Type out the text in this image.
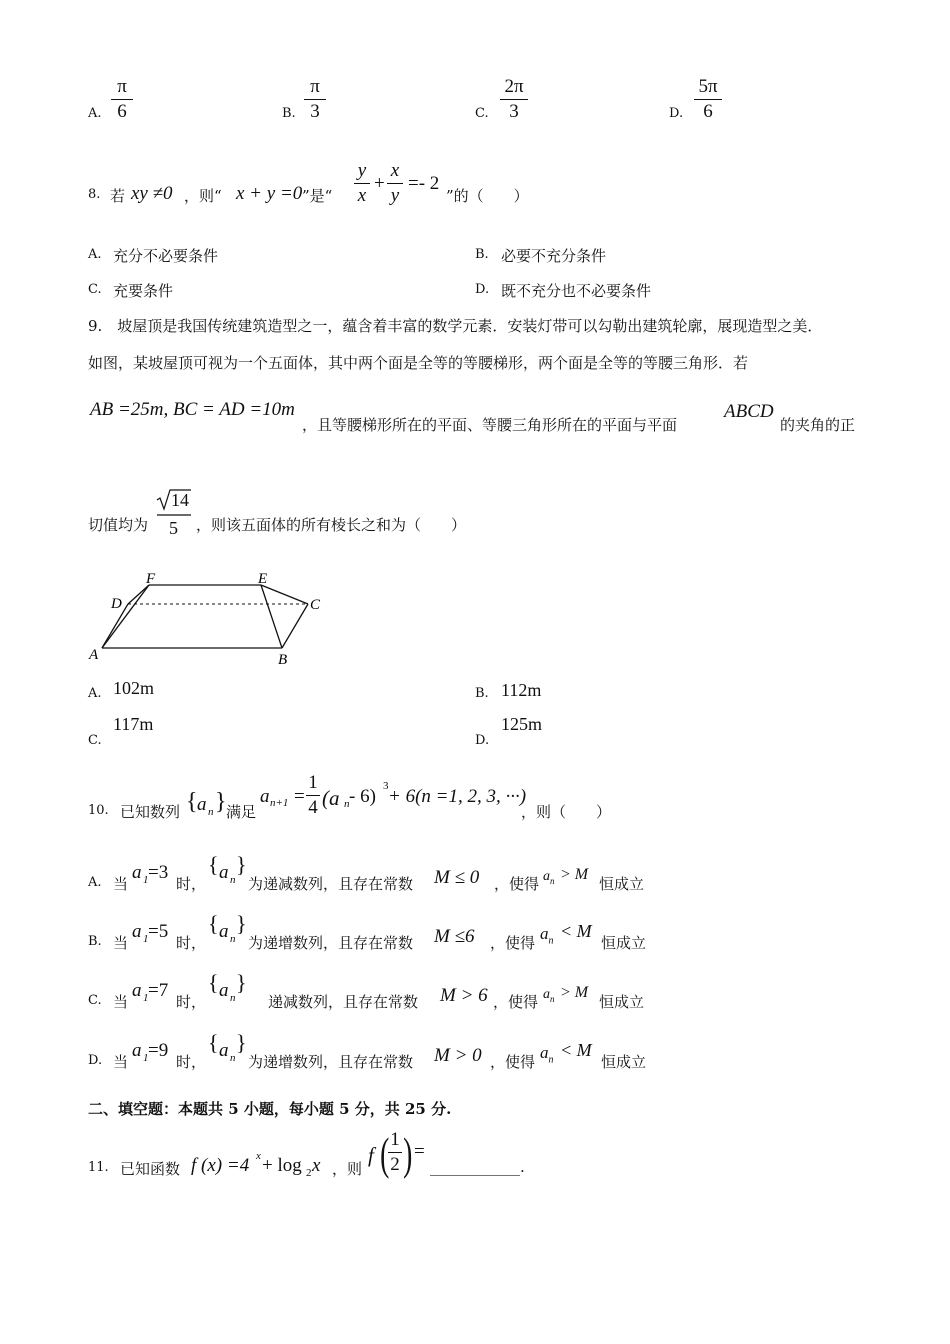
A.
π
6	B.
π
3	C.
2π
3	D.
5π
6
8. 若 xy ≠0 ，则“ x + y =0 ”是“
y
x
+
x
y
=- 2
”的（　　）
A. 充分不必要条件	B. 必要不充分条件
C. 充要条件	D. 既不充分也不必要条件
9.　坡屋顶是我国传统建筑造型之一，蕴含着丰富的数学元素．安装灯带可以勾勒出建筑轮廓，展现造型之美．
如图，某坡屋顶可视为一个五面体，其中两个面是全等的等腰梯形，两个面是全等的等腰三角形．若
AB =25m, BC = AD =10m
，且等腰梯形所在的平面、等腰三角形所在的平面与平面
ABCD
的夹角的正
切值均为
14
5 ，则该五面体的所有棱长之和为（　　）
A	B
C
D
E
F
A. 102m	B. 112m
C.
117m
D.
125m
10. 已知数列 { a n } 满足
a n+1 =
1
4 (a n - 6) 3 + 6(n =1, 2, 3, ···)
，则（　　）
A. 当
a 1 =3
时，
{ a n
}
为递减数列，且存在常数 M ≤ 0 ，使得 $a_n > M$
恒成立
B. 当
a 1 =5
时，
{ a n
}
为递增数列，且存在常数 M ≤6 ，使得 $a_n < M$
恒成立
C. 当
a 1 =7
时，
{ a n
}
递减数列，且存在常数 M > 6 ，使得 $a_n > M$
恒成立
D. 当
a 1 =9
时，
{ a n
}
为递增数列，且存在常数 M > 0 ，使得 $a_n < M$
恒成立
二、填空题：本题共 5 小题，每小题 5 分，共 25 分.
11. 已知函数 f (x) =4 x + log 2 x ，则
f ( 1
2 ) =
____________.
